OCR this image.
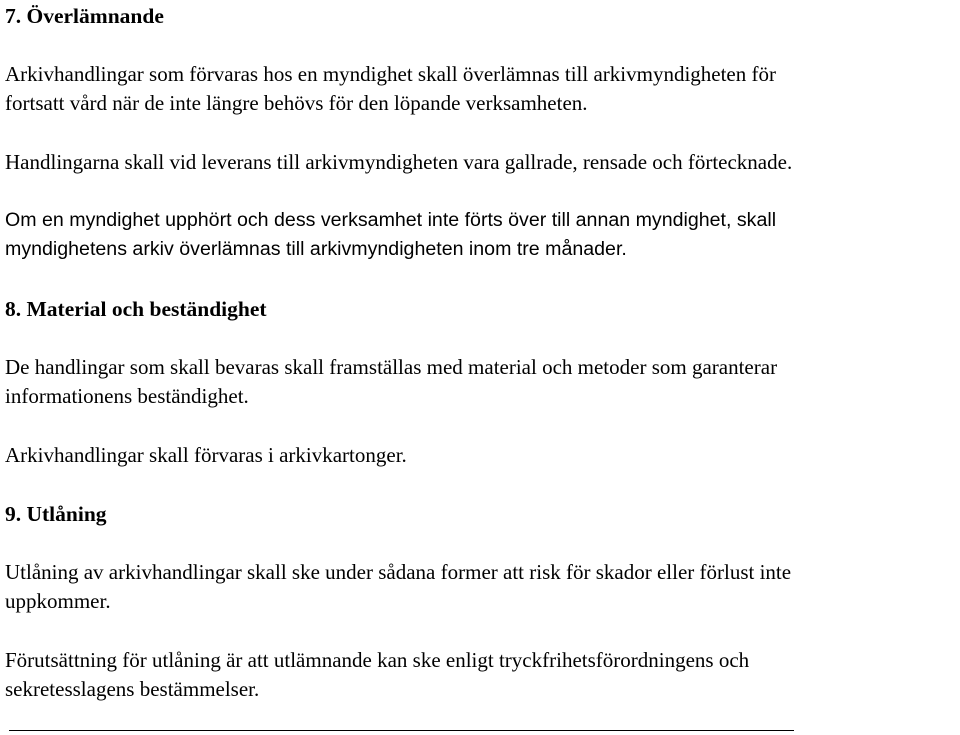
7. Överlämnande

Arkivhandlingar som förvaras hos en myndighet skall överlämnas till arkivmyndigheten för
fortsatt vård när de inte längre behövs för den löpande verksamheten.

Handlingarna skall vid leverans till arkivmyndigheten vara gallrade, rensade och förtecknade.

Om en myndighet upphört och dess verksamhet inte förts över till annan myndighet, skall
myndighetens arkiv överlämnas till arkivmyndigheten inom tre månader.

8. Material och beständighet

De handlingar som skall bevaras skall framställas med material och metoder som garanterar
informationens beständighet.

Arkivhandlingar skall förvaras i arkivkartonger.

9. Utlåning

Utlåning av arkivhandlingar skall ske under sådana former att risk för skador eller förlust inte
uppkommer.

Förutsättning för utlåning är att utlämnande kan ske enligt tryckfrihetsförordningens och
sekretesslagens bestämmelser.
